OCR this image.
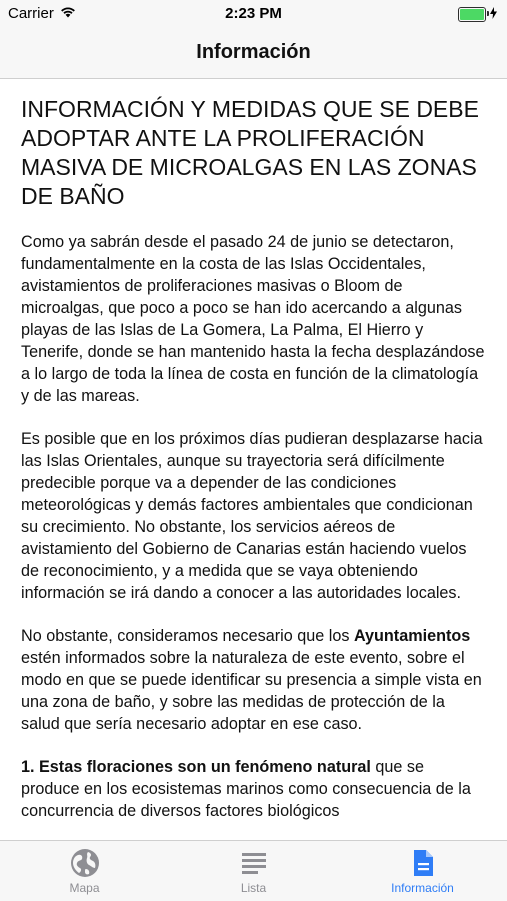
Carrier	2:23 PM
Información
INFORMACIÓN Y MEDIDAS QUE SE DEBE ADOPTAR ANTE LA PROLIFERACIÓN MASIVA DE MICROALGAS EN LAS ZONAS DE BAÑO

Como ya sabrán desde el pasado 24 de junio se detectaron, fundamentalmente en la costa de las Islas Occidentales, avistamientos de proliferaciones masivas o Bloom de microalgas, que poco a poco se han ido acercando a algunas playas de las Islas de La Gomera, La Palma, El Hierro y Tenerife, donde se han mantenido hasta la fecha desplazándose a lo largo de toda la línea de costa en función de la climatología y de las mareas.

Es posible que en los próximos días pudieran desplazarse hacia las Islas Orientales, aunque su trayectoria será difícilmente predecible porque va a depender de las condiciones meteorológicas y demás factores ambientales que condicionan su crecimiento. No obstante, los servicios aéreos de avistamiento del Gobierno de Canarias están haciendo vuelos de reconocimiento, y a medida que se vaya obteniendo información se irá dando a conocer a las autoridades locales.

No obstante, consideramos necesario que los Ayuntamientos estén informados sobre la naturaleza de este evento, sobre el modo en que se puede identificar su presencia a simple vista en una zona de baño, y sobre las medidas de protección de la salud que sería necesario adoptar en ese caso.

1. Estas floraciones son un fenómeno natural que se produce en los ecosistemas marinos como consecuencia de la concurrencia de diversos factores biológicos

Mapa	Lista	Información
